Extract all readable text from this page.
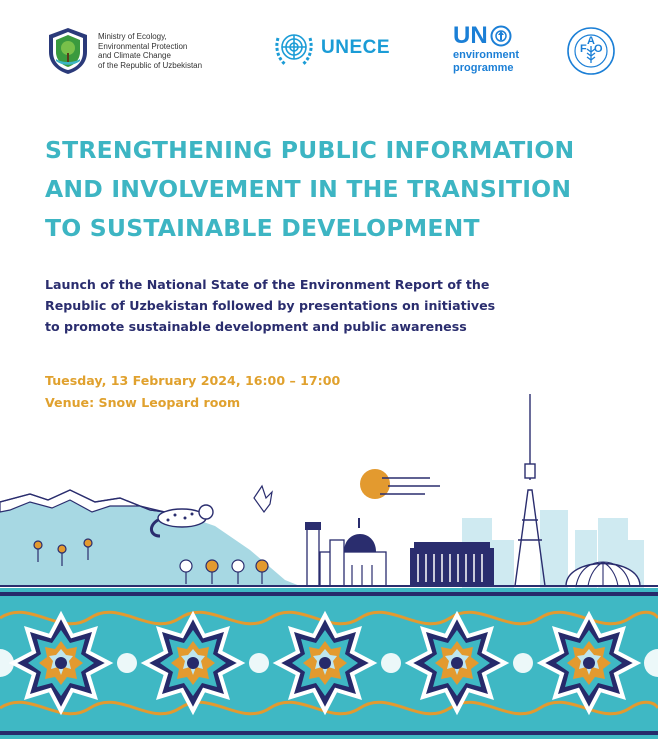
Ministry of Ecology,
Environmental Protection
and Climate Change
of the Republic of Uzbekistan
UNECE	UN
environment
programme
F
A
O
STRENGTHENING PUBLIC INFORMATION
AND INVOLVEMENT IN THE TRANSITION
TO SUSTAINABLE DEVELOPMENT
Launch of the National State of the Environment Report of the
Republic of Uzbekistan followed by presentations on initiatives
to promote sustainable development and public awareness
Tuesday, 13 February 2024, 16:00 – 17:00
Venue: Snow Leopard room
